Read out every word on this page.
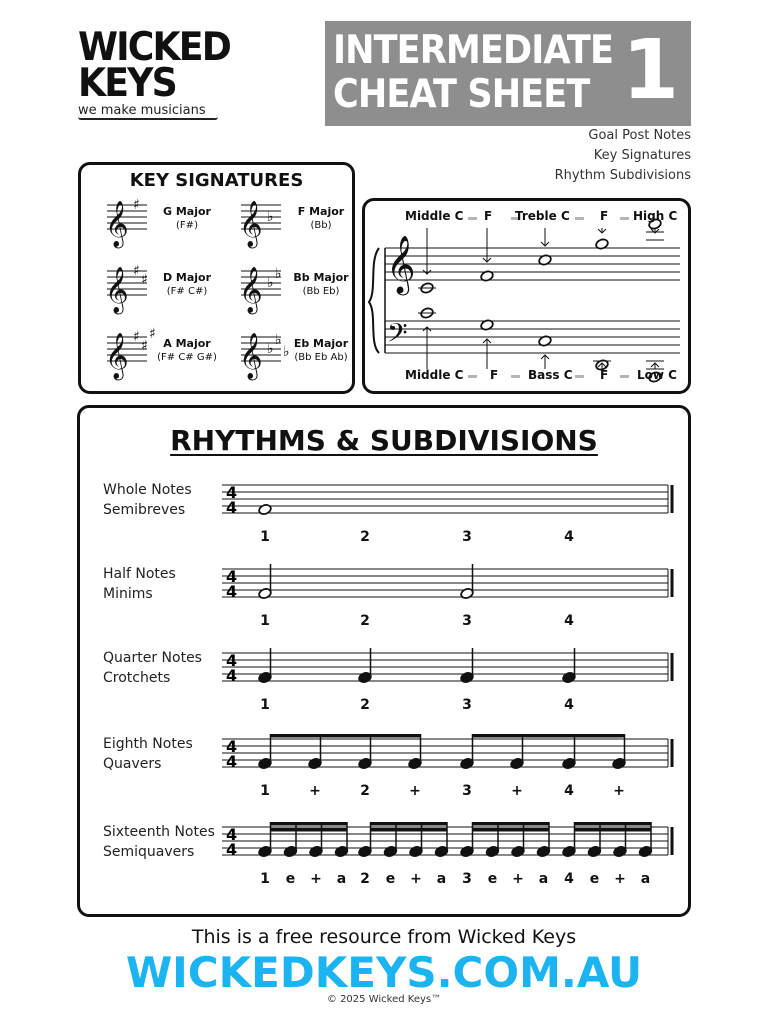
WICKED
KEYS
we make musicians
INTERMEDIATE
CHEAT SHEET 1
Goal Post Notes
Key Signatures
Rhythm Subdivisions
KEY SIGNATURES
𝄞 ♯ 𝄞 ♭
𝄞 ♯
♯ 𝄞 ♭
♭
𝄞 ♯
♯
♯ 𝄞 ♭
♭
♭
G Major
(F#)
F Major
(Bb)
D Major
(F# C#)
Bb Major
(Bb Eb)
A Major
(F# C# G#)
Eb Major
(Bb Eb Ab)
𝄞
𝄢
Middle C F Treble C	F High C
Middle C F Bass C F Low C
RHYTHMS & SUBDIVISIONS
4
4
4
4
4
4
4
4
4
4
Whole Notes
Semibreves
1	2	3	4
Half Notes
Minims
1	2	3	4
Quarter Notes
Crotchets
1	2	3	4
Eighth Notes
Quavers
1	+	2	+	3	+	4	+
Sixteenth Notes
Semiquavers
1	e	+	a 2	e	+	a	3	e	+	a	4	e	+	a
This is a free resource from Wicked Keys
WICKEDKEYS.COM.AU
© 2025 Wicked Keys™
